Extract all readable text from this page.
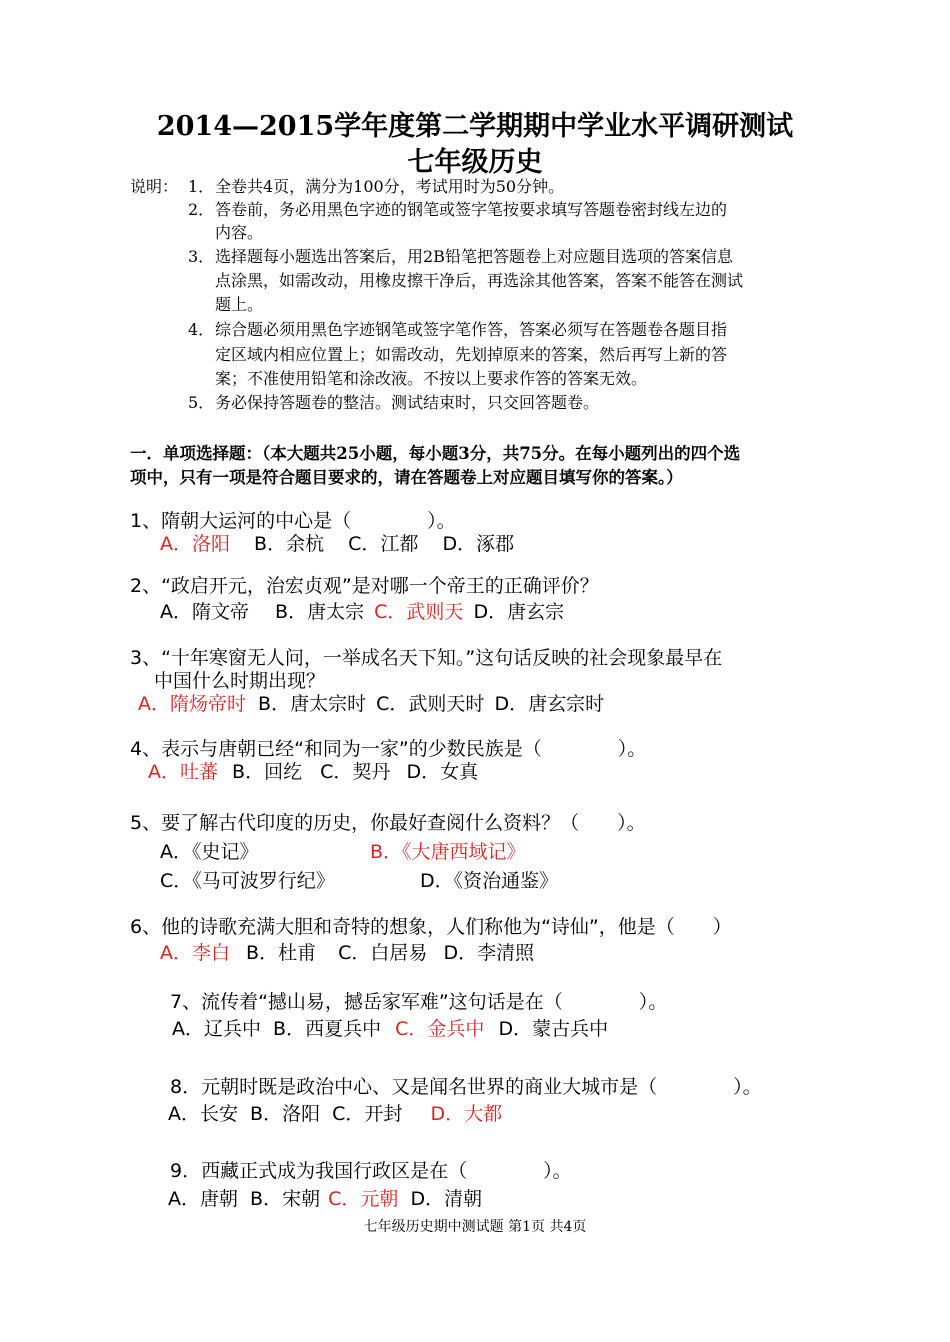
2014—2015学年度第二学期期中学业水平调研测试
七年级历史
说明： 1． 全卷共4页，满分为100分，考试用时为50分钟。
2． 答卷前，务必用黑色字迹的钢笔或签字笔按要求填写答题卷密封线左边的
内容。
3． 选择题每小题选出答案后，用2B铅笔把答题卷上对应题目选项的答案信息
点涂黑，如需改动，用橡皮擦干净后，再选涂其他答案，答案不能答在测试
题上。
4． 综合题必须用黑色字迹钢笔或签字笔作答，答案必须写在答题卷各题目指
定区域内相应位置上；如需改动，先划掉原来的答案，然后再写上新的答
案；不准使用铅笔和涂改液。不按以上要求作答的答案无效。
5． 务必保持答题卷的整洁。测试结束时，只交回答题卷。
一．单项选择题：（本大题共25小题，每小题3分，共75分。在每小题列出的四个选
项中，只有一项是符合题目要求的，请在答题卷上对应题目填写你的答案。）
1、隋朝大运河的中心是（　　　　）。
A．洛阳 B．余杭 C．江都 D．涿郡
2、“政启开元，治宏贞观”是对哪一个帝王的正确评价？
A．隋文帝 B．唐太宗 C．武则天 D．唐玄宗
3、“十年寒窗无人问，一举成名天下知。”这句话反映的社会现象最早在
中国什么时期出现？
A．隋炀帝时 B．唐太宗时 C．武则天时 D．唐玄宗时
4、表示与唐朝已经“和同为一家”的少数民族是（　　　　）。
A．吐蕃 B．回纥 C．契丹 D．女真
5、要了解古代印度的历史，你最好查阅什么资料？（　　）。
A．《史记》	B．《大唐西域记》
C．《马可波罗行纪》	D．《资治通鉴》
6、他的诗歌充满大胆和奇特的想象，人们称他为“诗仙”，他是（　　）
A．李白 B．杜甫 C．白居易 D．李清照
7、流传着“撼山易，撼岳家军难”这句话是在（　　　　）。
A．辽兵中 B．西夏兵中 C．金兵中 D．蒙古兵中
8．元朝时既是政治中心、又是闻名世界的商业大城市是（　　　　）。
A．长安 B．洛阳 C．开封 D．大都
9．西藏正式成为我国行政区是在（　　　　）。
A．唐朝 B．宋朝 C．元朝 D．清朝
七年级历史期中测试题 第1页 共4页
